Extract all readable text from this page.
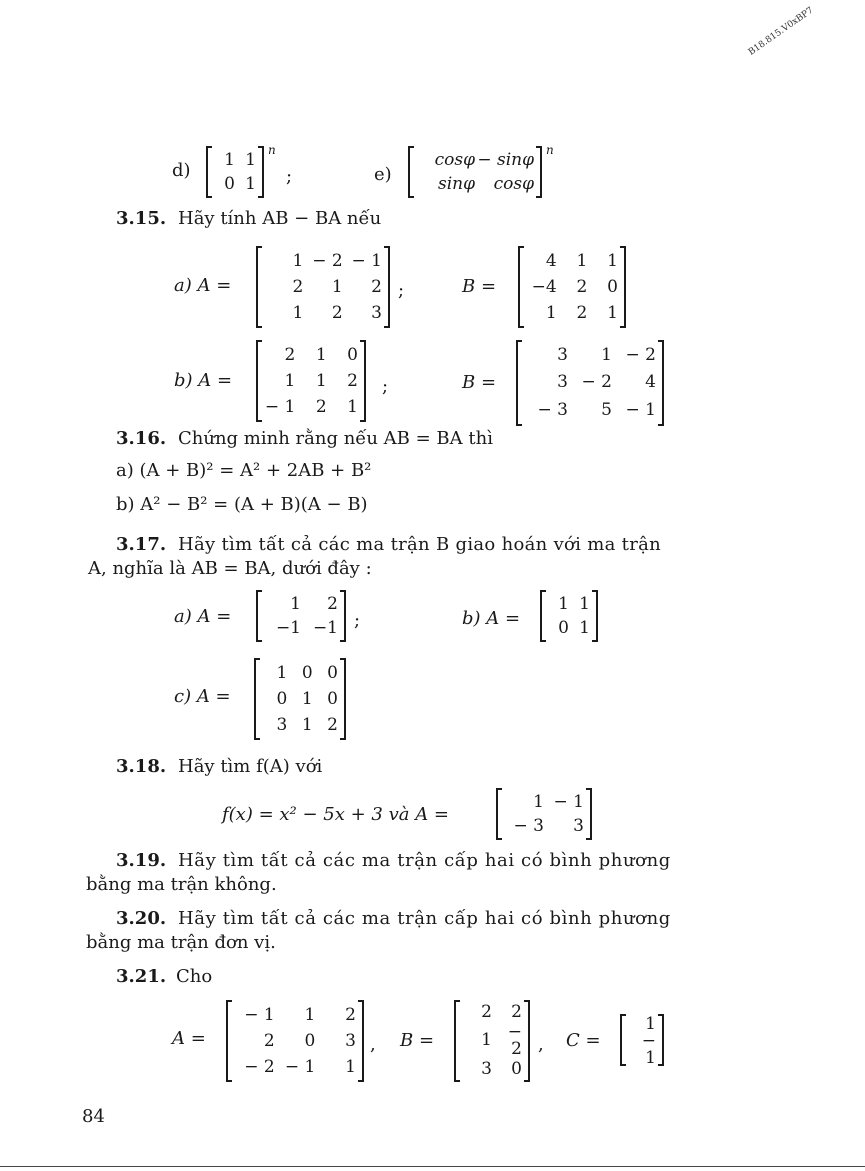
B18.815.V0xBP7
d)
1 1
0 1
n
;	e)
cosφ − sinφ
sinφ	cosφ
n
3.15. Hãy tính AB − BA nếu
a) A =
1 − 2 − 1
2	1	2
1	2	3
;	B =
4	1	1
−4	2	0
1	2	1
b) A =
2	1	0
1	1	2
− 1	2	1
;	B =
3	1 − 2
3 − 2	4
− 3	5 − 1
3.16. Chứng minh rằng nếu AB = BA thì
a) (A + B)² = A² + 2AB + B²
b) A² − B² = (A + B)(A − B)
3.17. Hãy tìm tất cả các ma trận B giao hoán với ma trận
A, nghĩa là AB = BA, dưới đây :
a) A =
1	2
−1 −1 ;	b) A =
1 1
0 1
c) A =
1 0 0
0 1 0
3 1 2
3.18. Hãy tìm f(A) với
f(x) = x² − 5x + 3 và A =
1 − 1
− 3	3
3.19. Hãy tìm tất cả các ma trận cấp hai có bình phương
bằng ma trận không.
3.20. Hãy tìm tất cả các ma trận cấp hai có bình phương
bằng ma trận đơn vị.
3.21. Cho
A =
− 1	1	2
2	0	3
− 2 − 1	1
, B =
2	2
1 − 2
3	0
, C =
1
− 1
84
